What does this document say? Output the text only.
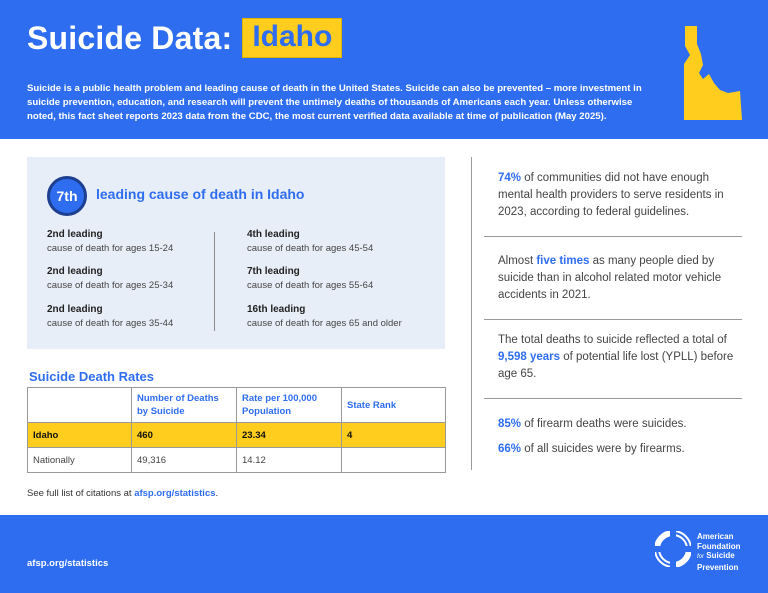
Suicide Data: Idaho

Suicide is a public health problem and leading cause of death in the United States. Suicide can also be prevented – more investment in suicide prevention, education, and research will prevent the untimely deaths of thousands of Americans each year. Unless otherwise noted, this fact sheet reports 2023 data from the CDC, the most current verified data available at time of publication (May 2025).

7th	leading cause of death in Idaho
2nd leading
cause of death for ages 15-24
2nd leading
cause of death for ages 25-34
2nd leading
cause of death for ages 35-44
4th leading
cause of death for ages 45-54
7th leading
cause of death for ages 55-64
16th leading
cause of death for ages 65 and older
Suicide Death Rates
	Number of Deaths by Suicide	Rate per 100,000 Population	State Rank
Idaho	460	23.34	4
Nationally	49,316	14.12	
See full list of citations at afsp.org/statistics.
74% of communities did not have enough mental health providers to serve residents in 2023, according to federal guidelines.
Almost five times as many people died by suicide than in alcohol related motor vehicle accidents in 2021.
The total deaths to suicide reflected a total of 9,598 years of potential life lost (YPLL) before age 65.
85% of firearm deaths were suicides.
66% of all suicides were by firearms.
afsp.org/statistics
American
Foundation
for Suicide
Prevention
